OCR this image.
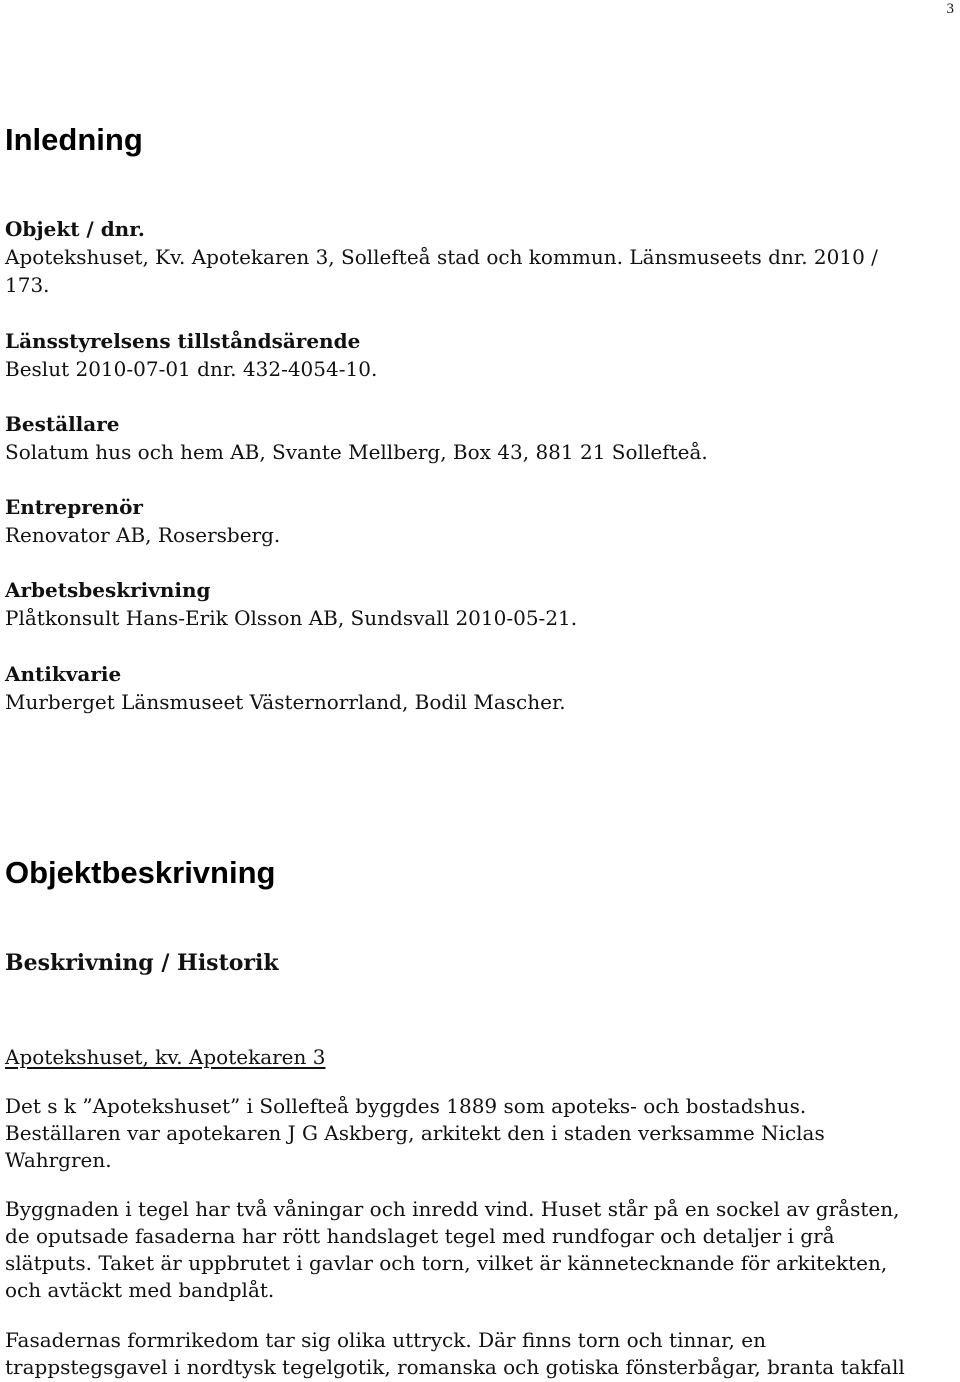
3
Inledning
Objekt / dnr.
Apotekshuset, Kv. Apotekaren 3, Sollefteå stad och kommun. Länsmuseets dnr. 2010 /
173.
Länsstyrelsens tillståndsärende
Beslut 2010-07-01 dnr. 432-4054-10.
Beställare
Solatum hus och hem AB, Svante Mellberg, Box 43, 881 21 Sollefteå.
Entreprenör
Renovator AB, Rosersberg.
Arbetsbeskrivning
Plåtkonsult Hans-Erik Olsson AB, Sundsvall 2010-05-21.
Antikvarie
Murberget Länsmuseet Västernorrland, Bodil Mascher.
Objektbeskrivning
Beskrivning / Historik
Apotekshuset, kv. Apotekaren 3

Det s k ”Apotekshuset” i Sollefteå byggdes 1889 som apoteks- och bostadshus.
Beställaren var apotekaren J G Askberg, arkitekt den i staden verksamme Niclas
Wahrgren.

Byggnaden i tegel har två våningar och inredd vind. Huset står på en sockel av gråsten,
de oputsade fasaderna har rött handslaget tegel med rundfogar och detaljer i grå
slätputs. Taket är uppbrutet i gavlar och torn, vilket är kännetecknande för arkitekten,
och avtäckt med bandplåt.

Fasadernas formrikedom tar sig olika uttryck. Där finns torn och tinnar, en
trappstegsgavel i nordtysk tegelgotik, romanska och gotiska fönsterbågar, branta takfall
